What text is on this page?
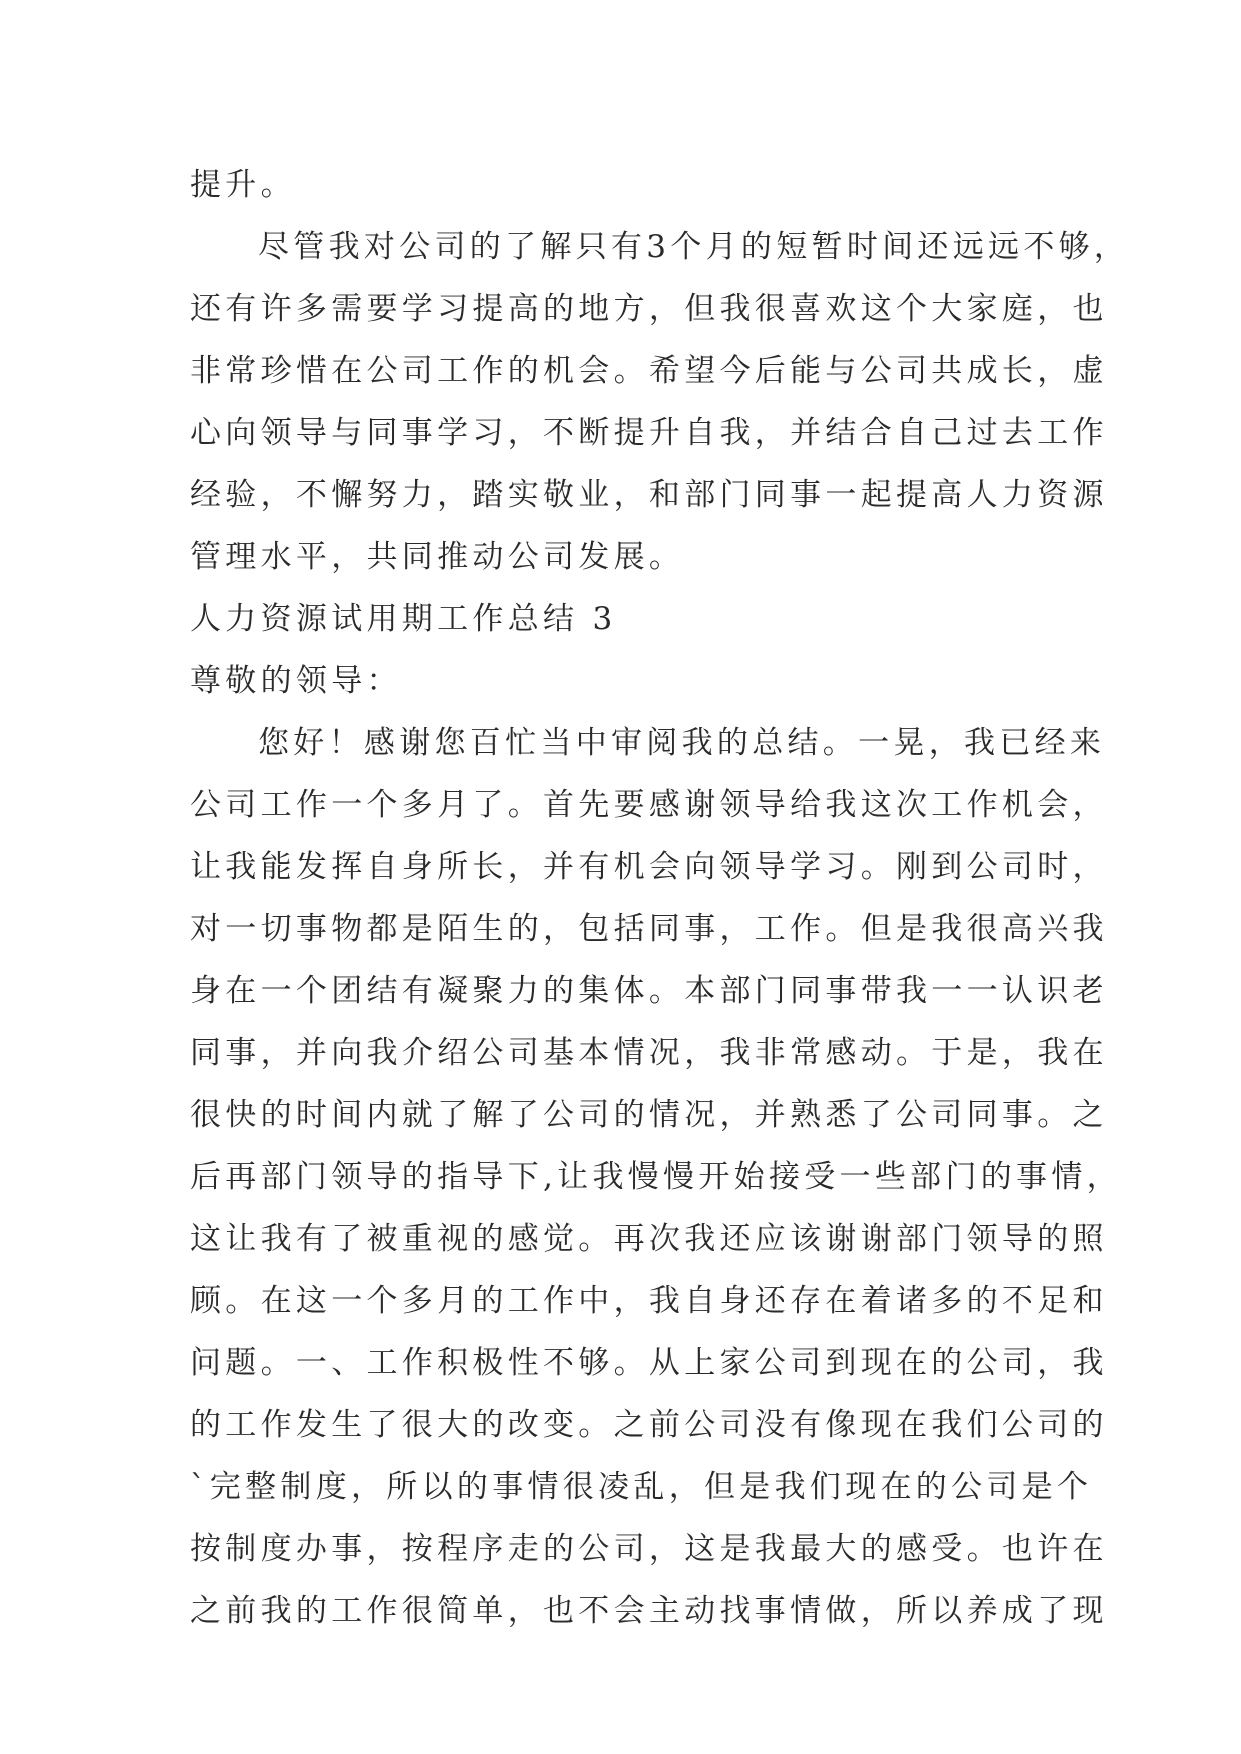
提升。
尽管我对公司的了解只有3个月的短暂时间还远远不够，
还有许多需要学习提高的地方，但我很喜欢这个大家庭，也
非常珍惜在公司工作的机会。希望今后能与公司共成长，虚
心向领导与同事学习，不断提升自我，并结合自己过去工作
经验，不懈努力，踏实敬业，和部门同事一起提高人力资源
管理水平，共同推动公司发展。
人力资源试用期工作总结 3
尊敬的领导：
您好！感谢您百忙当中审阅我的总结。一晃，我已经来
公司工作一个多月了。首先要感谢领导给我这次工作机会，
让我能发挥自身所长，并有机会向领导学习。刚到公司时，
对一切事物都是陌生的，包括同事，工作。但是我很高兴我
身在一个团结有凝聚力的集体。本部门同事带我一一认识老
同事，并向我介绍公司基本情况，我非常感动。于是，我在
很快的时间内就了解了公司的情况，并熟悉了公司同事。之
后再部门领导的指导下,让我慢慢开始接受一些部门的事情，
这让我有了被重视的感觉。再次我还应该谢谢部门领导的照
顾。在这一个多月的工作中，我自身还存在着诸多的不足和
问题。一、工作积极性不够。从上家公司到现在的公司，我
的工作发生了很大的改变。之前公司没有像现在我们公司的
`完整制度，所以的事情很凌乱，但是我们现在的公司是个
按制度办事，按程序走的公司，这是我最大的感受。也许在
之前我的工作很简单，也不会主动找事情做，所以养成了现
